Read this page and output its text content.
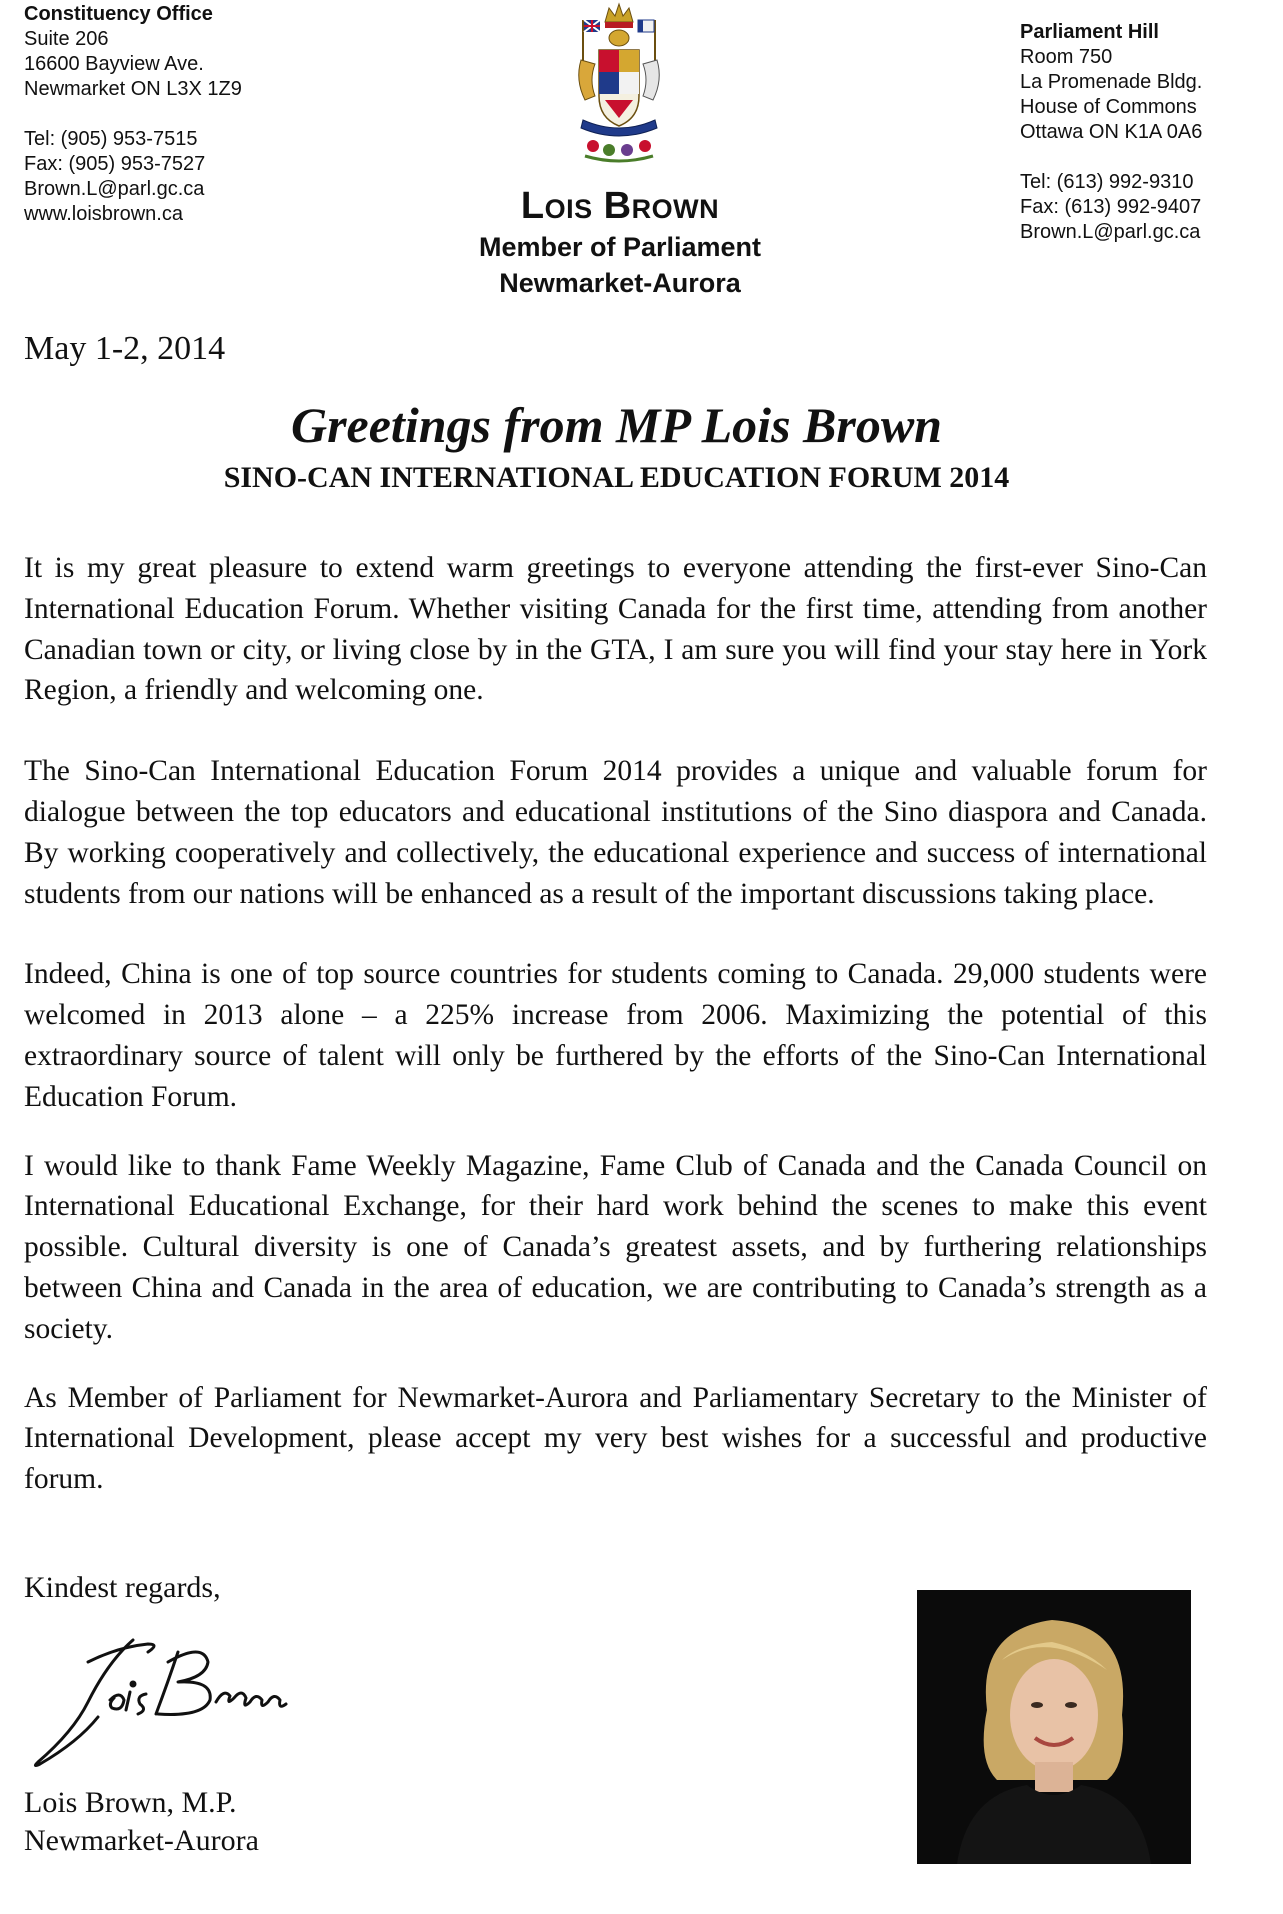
Constituency Office
Suite 206
16600 Bayview Ave.
Newmarket ON L3X 1Z9
Tel: (905) 953-7515
Fax: (905) 953-7527
Brown.L@parl.gc.ca
www.loisbrown.ca	Lois Brown
Member of Parliament
Newmarket-Aurora
Parliament Hill
Room 750
La Promenade Bldg.
House of Commons
Ottawa ON K1A 0A6
Tel: (613) 992-9310
Fax: (613) 992-9407
Brown.L@parl.gc.ca
May 1-2, 2014
Greetings from MP Lois Brown
SINO-CAN INTERNATIONAL EDUCATION FORUM 2014

It is my great pleasure to extend warm greetings to everyone attending the first-ever Sino-Can International Education Forum. Whether visiting Canada for the first time, attending from another Canadian town or city, or living close by in the GTA, I am sure you will find your stay here in York Region, a friendly and welcoming one.

The Sino-Can International Education Forum 2014 provides a unique and valuable forum for dialogue between the top educators and educational institutions of the Sino diaspora and Canada. By working cooperatively and collectively, the educational experience and success of international students from our nations will be enhanced as a result of the important discussions taking place.

Indeed, China is one of top source countries for students coming to Canada. 29,000 students were welcomed in 2013 alone – a 225% increase from 2006. Maximizing the potential of this extraordinary source of talent will only be furthered by the efforts of the Sino-Can International Education Forum.

I would like to thank Fame Weekly Magazine, Fame Club of Canada and the Canada Council on International Educational Exchange, for their hard work behind the scenes to make this event possible. Cultural diversity is one of Canada’s greatest assets, and by furthering relationships between China and Canada in the area of education, we are contributing to Canada’s strength as a society.

As Member of Parliament for Newmarket-Aurora and Parliamentary Secretary to the Minister of International Development, please accept my very best wishes for a successful and productive forum.

Kindest regards,
Lois Brown, M.P.
Newmarket-Aurora
